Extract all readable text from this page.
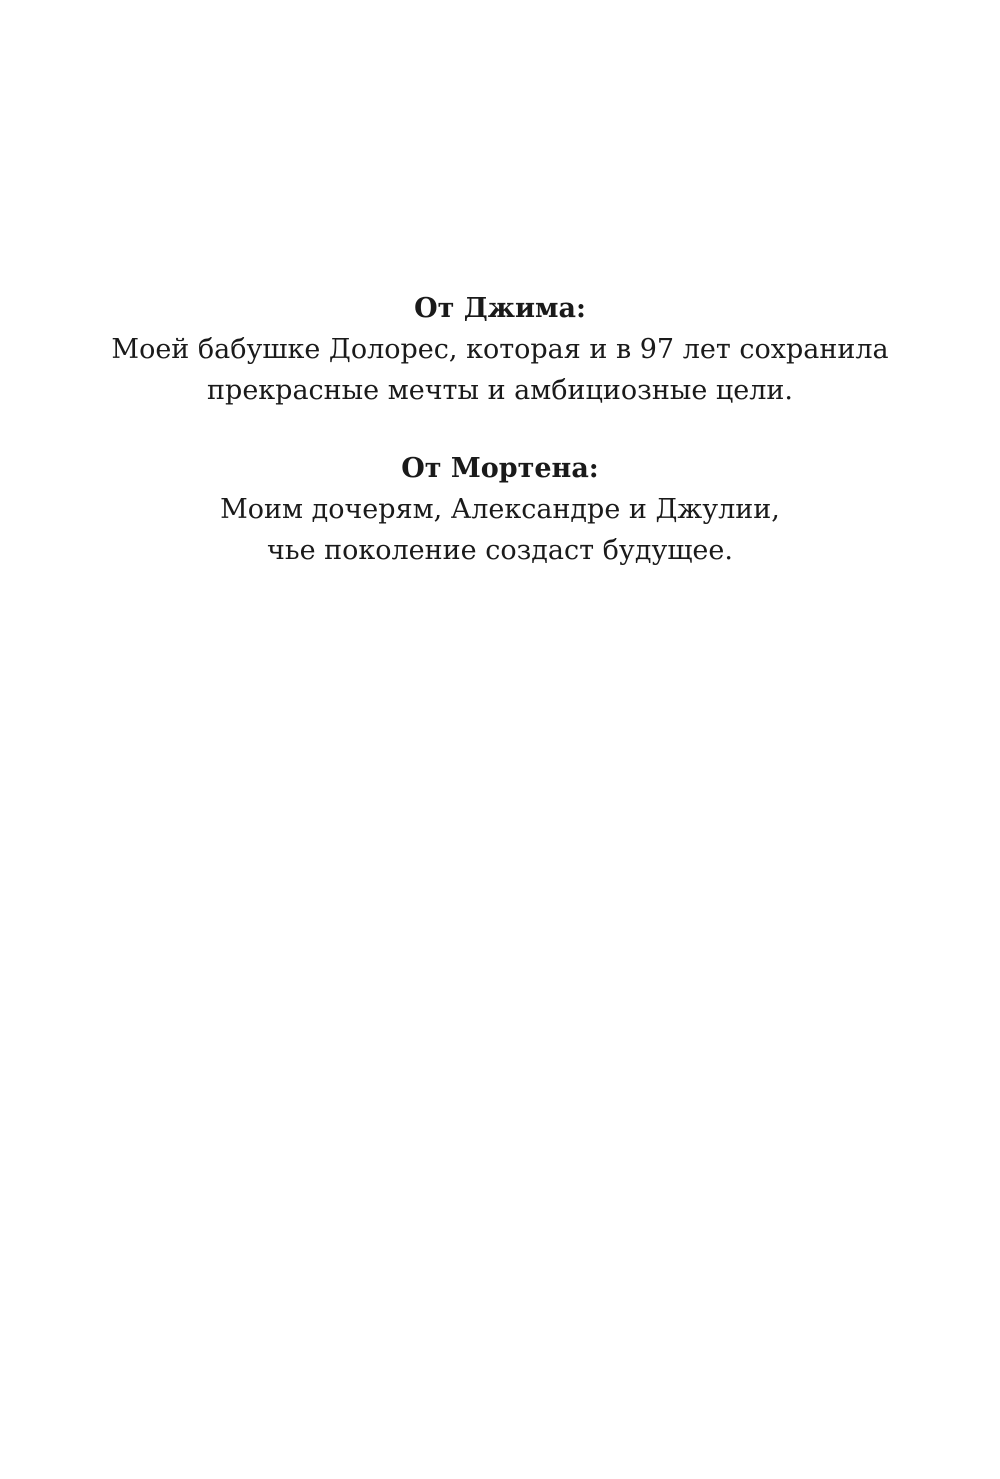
От Джима:
Моей бабушке Долорес, которая и в 97 лет сохранила
прекрасные мечты и амбициозные цели.
От Мортена:
Моим дочерям, Александре и Джулии,
чье поколение создаст будущее.
